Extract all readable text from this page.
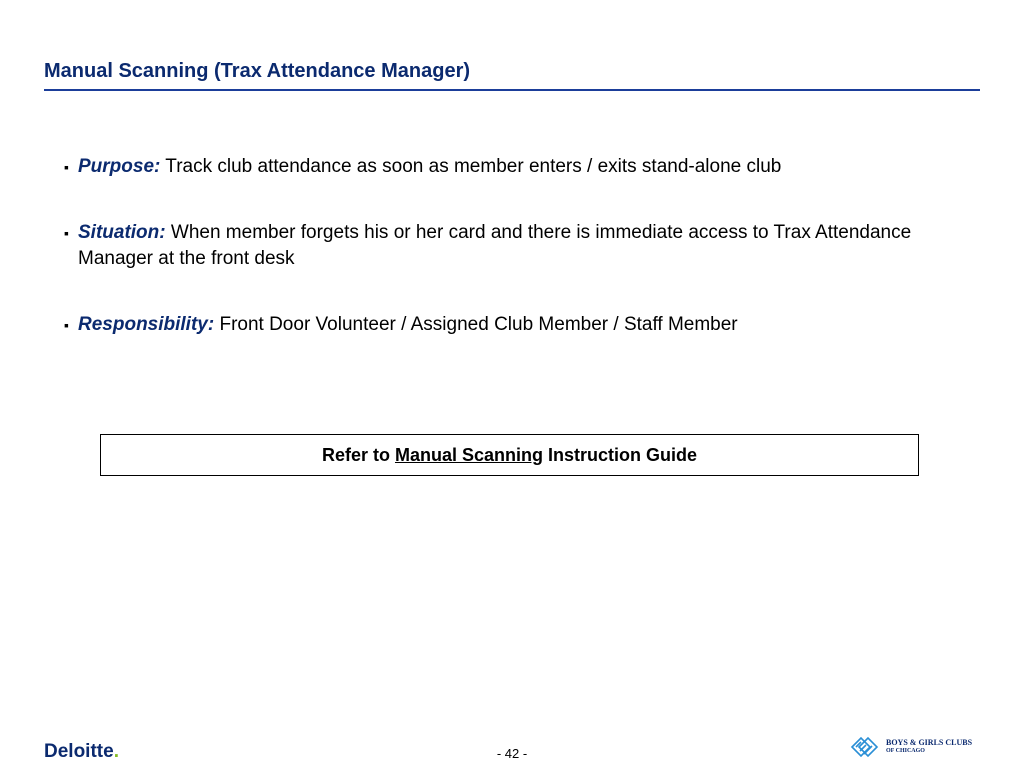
Manual Scanning (Trax Attendance Manager)
▪ Purpose: Track club attendance as soon as member enters / exits stand-alone club
▪ Situation: When member forgets his or her card and there is immediate access to Trax Attendance Manager at the front desk
▪ Responsibility: Front Door Volunteer / Assigned Club Member / Staff Member
Refer to Manual Scanning Instruction Guide
Deloitte.	- 42 -
BOYS & GIRLS CLUBS
OF CHICAGO
